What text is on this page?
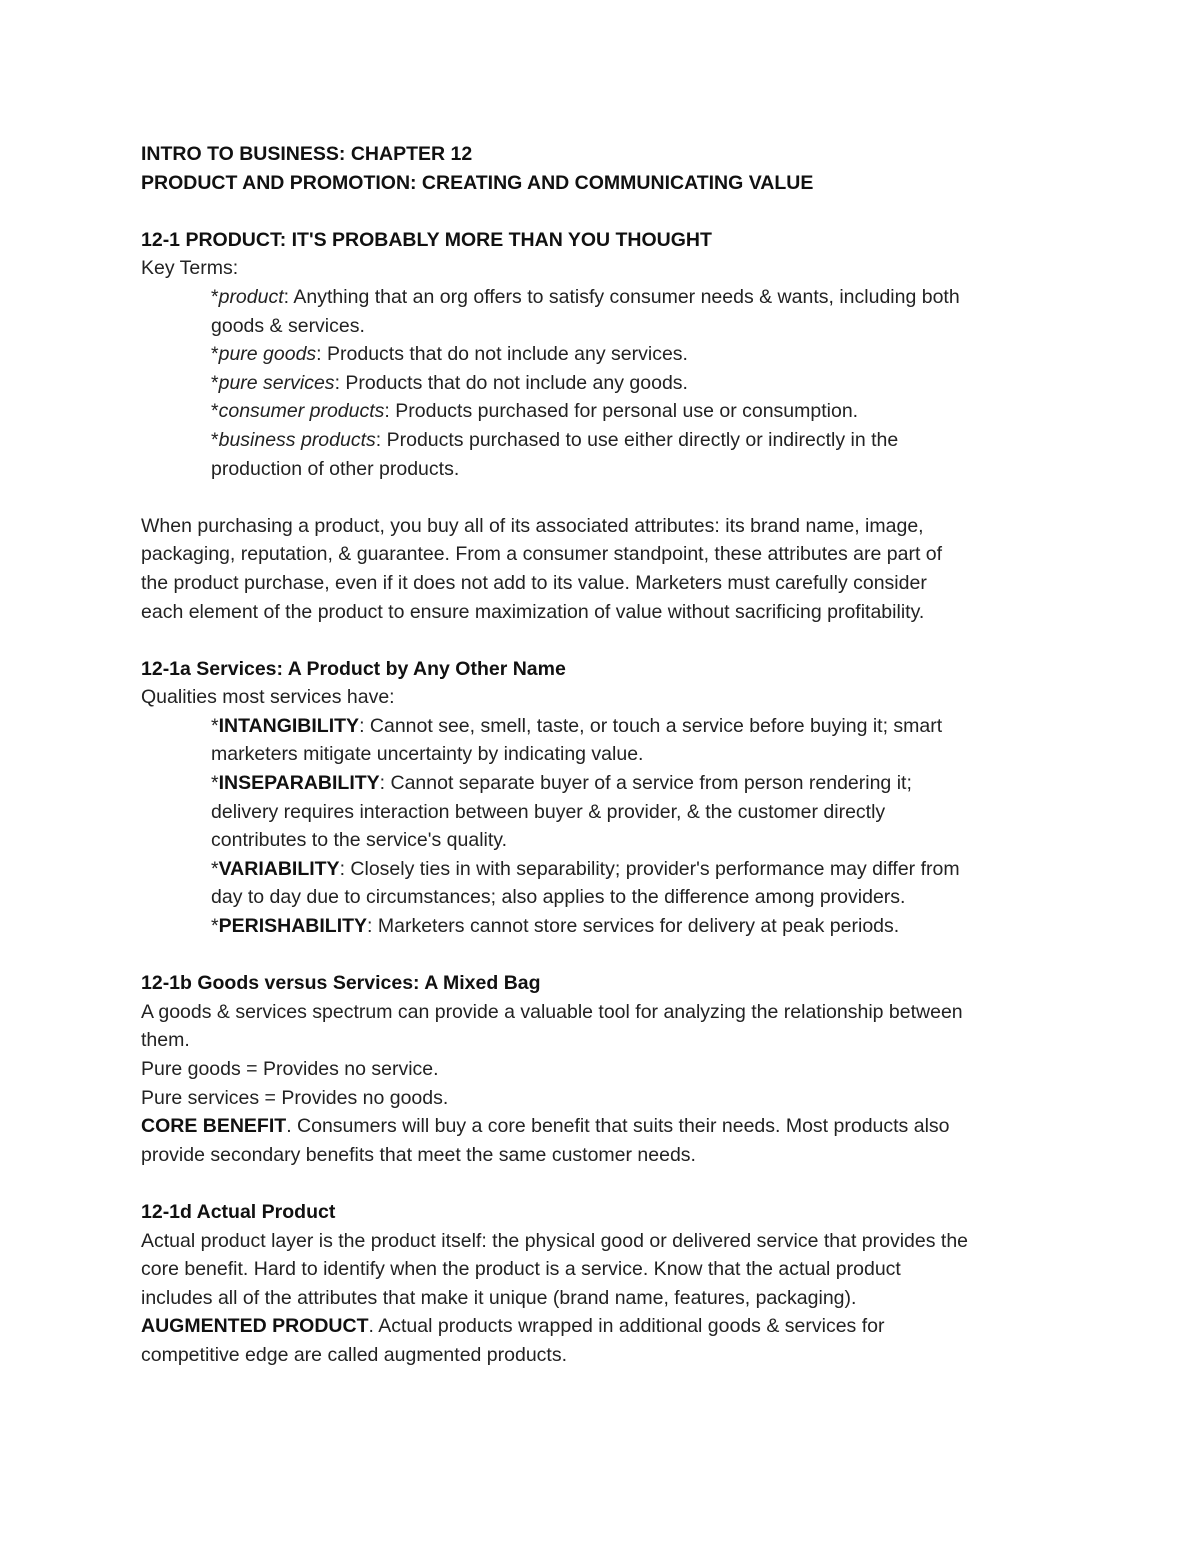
INTRO TO BUSINESS: CHAPTER 12

PRODUCT AND PROMOTION: CREATING AND COMMUNICATING VALUE

12-1 PRODUCT: IT'S PROBABLY MORE THAN YOU THOUGHT

Key Terms:

*product: Anything that an org offers to satisfy consumer needs & wants, including both

goods & services.

*pure goods: Products that do not include any services.

*pure services: Products that do not include any goods.

*consumer products: Products purchased for personal use or consumption.

*business products: Products purchased to use either directly or indirectly in the

production of other products.

When purchasing a product, you buy all of its associated attributes: its brand name, image,

packaging, reputation, & guarantee. From a consumer standpoint, these attributes are part of

the product purchase, even if it does not add to its value. Marketers must carefully consider

each element of the product to ensure maximization of value without sacrificing profitability.

12-1a Services: A Product by Any Other Name

Qualities most services have:

*INTANGIBILITY: Cannot see, smell, taste, or touch a service before buying it; smart

marketers mitigate uncertainty by indicating value.

*INSEPARABILITY: Cannot separate buyer of a service from person rendering it;

delivery requires interaction between buyer & provider, & the customer directly

contributes to the service's quality.

*VARIABILITY: Closely ties in with separability; provider's performance may differ from

day to day due to circumstances; also applies to the difference among providers.

*PERISHABILITY: Marketers cannot store services for delivery at peak periods.

12-1b Goods versus Services: A Mixed Bag

A goods & services spectrum can provide a valuable tool for analyzing the relationship between

them.

Pure goods = Provides no service.

Pure services = Provides no goods.

CORE BENEFIT. Consumers will buy a core benefit that suits their needs. Most products also

provide secondary benefits that meet the same customer needs.

12-1d Actual Product

Actual product layer is the product itself: the physical good or delivered service that provides the

core benefit. Hard to identify when the product is a service. Know that the actual product

includes all of the attributes that make it unique (brand name, features, packaging).

AUGMENTED PRODUCT. Actual products wrapped in additional goods & services for

competitive edge are called augmented products.
